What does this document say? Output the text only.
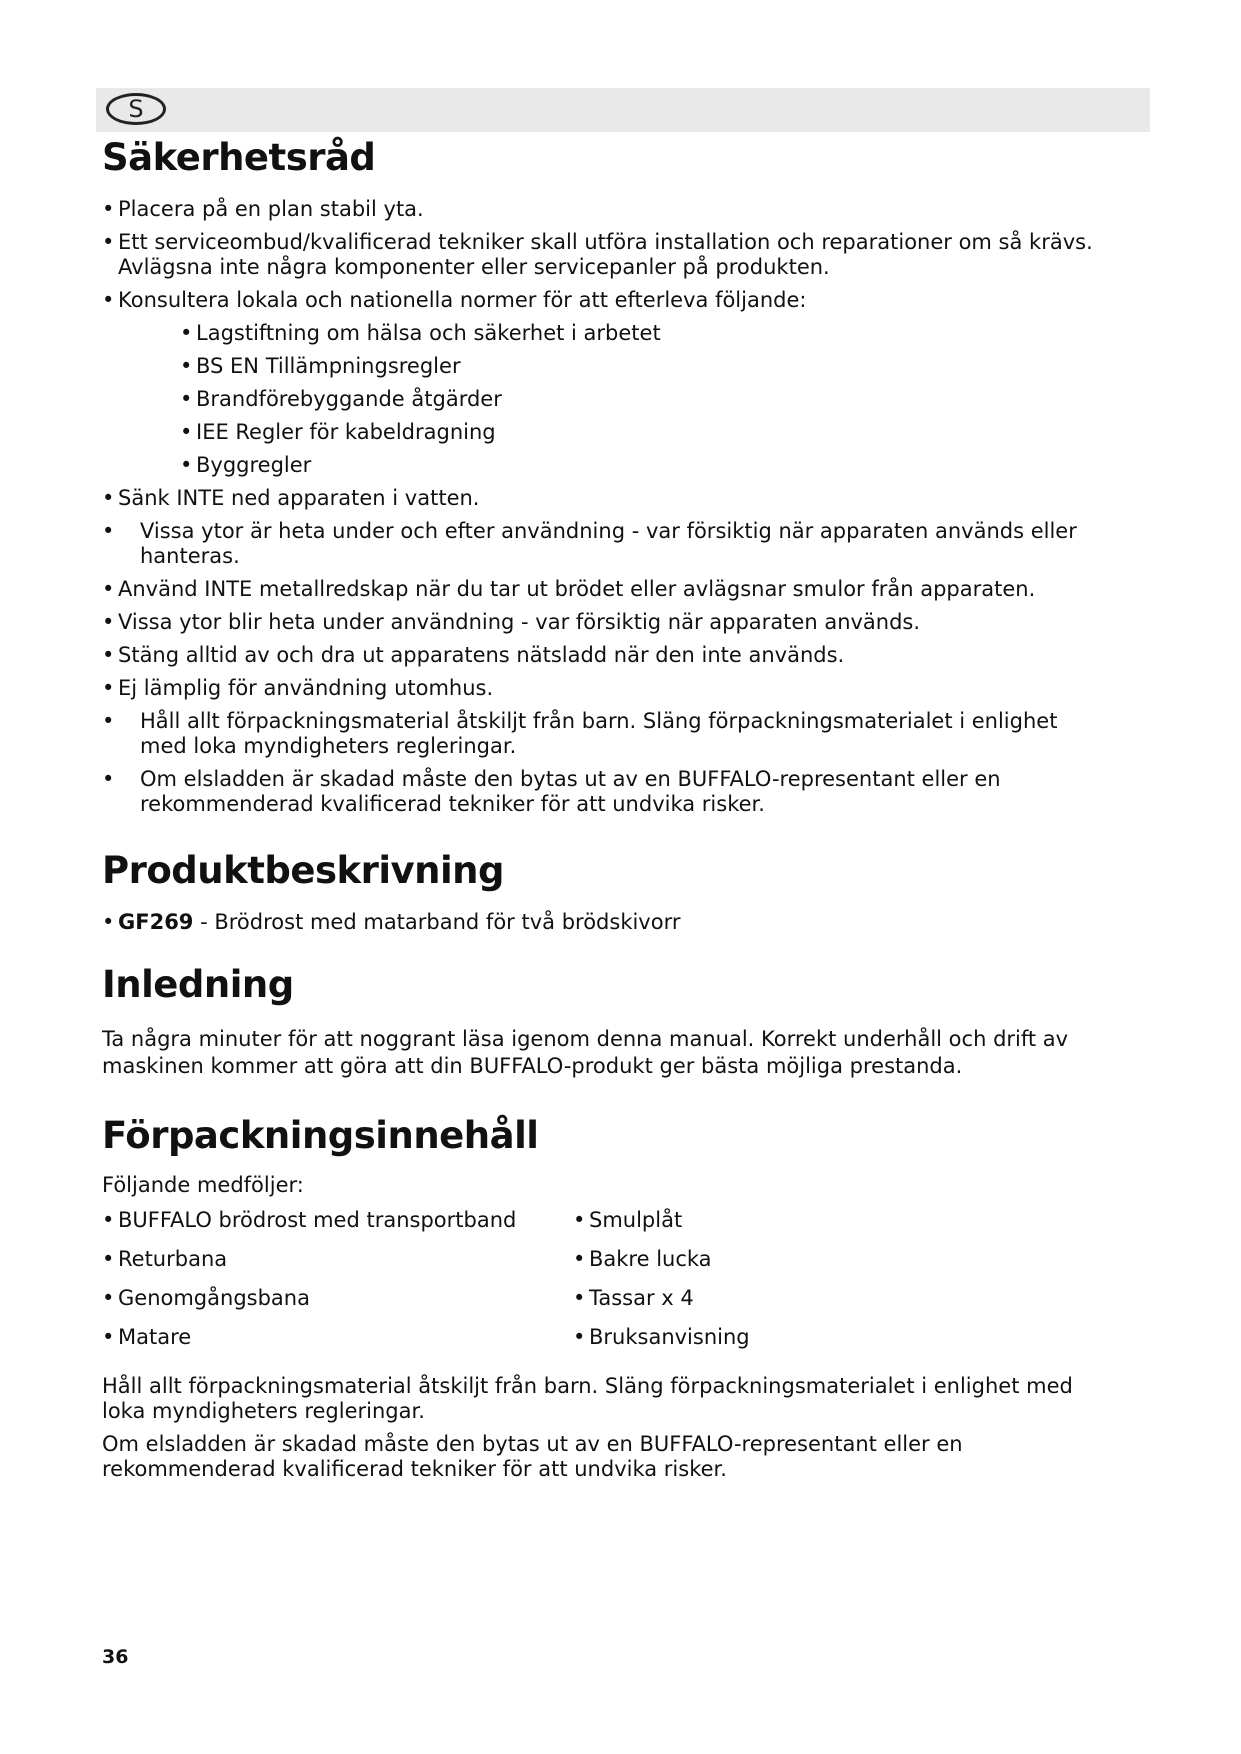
S
Säkerhetsråd
• Placera på en plan stabil yta.
• Ett serviceombud/kvalificerad tekniker skall utföra installation och reparationer om så krävs. Avlägsna inte några komponenter eller servicepanler på produkten.
• Konsultera lokala och nationella normer för att efterleva följande:
• Lagstiftning om hälsa och säkerhet i arbetet
• BS EN Tillämpningsregler
• Brandförebyggande åtgärder
• IEE Regler för kabeldragning
• Byggregler
• Sänk INTE ned apparaten i vatten.
• Vissa ytor är heta under och efter användning - var försiktig när apparaten används eller hanteras.
• Använd INTE metallredskap när du tar ut brödet eller avlägsnar smulor från apparaten.
• Vissa ytor blir heta under användning - var försiktig när apparaten används.
• Stäng alltid av och dra ut apparatens nätsladd när den inte används.
• Ej lämplig för användning utomhus.
• Håll allt förpackningsmaterial åtskiljt från barn. Släng förpackningsmaterialet i enlighet med loka myndigheters regleringar.
• Om elsladden är skadad måste den bytas ut av en BUFFALO-representant eller en rekommenderad kvalificerad tekniker för att undvika risker.
Produktbeskrivning
• GF269 - Brödrost med matarband för två brödskivorr
Inledning
Ta några minuter för att noggrant läsa igenom denna manual. Korrekt underhåll och drift av maskinen kommer att göra att din BUFFALO-produkt ger bästa möjliga prestanda.
Förpackningsinnehåll
Följande medföljer:
• BUFFALO brödrost med transportband	• Smulplåt
• Returbana	• Bakre lucka
• Genomgångsbana	• Tassar x 4
• Matare	• Bruksanvisning
Håll allt förpackningsmaterial åtskiljt från barn. Släng förpackningsmaterialet i enlighet med loka myndigheters regleringar.
Om elsladden är skadad måste den bytas ut av en BUFFALO-representant eller en rekommenderad kvalificerad tekniker för att undvika risker.
36
